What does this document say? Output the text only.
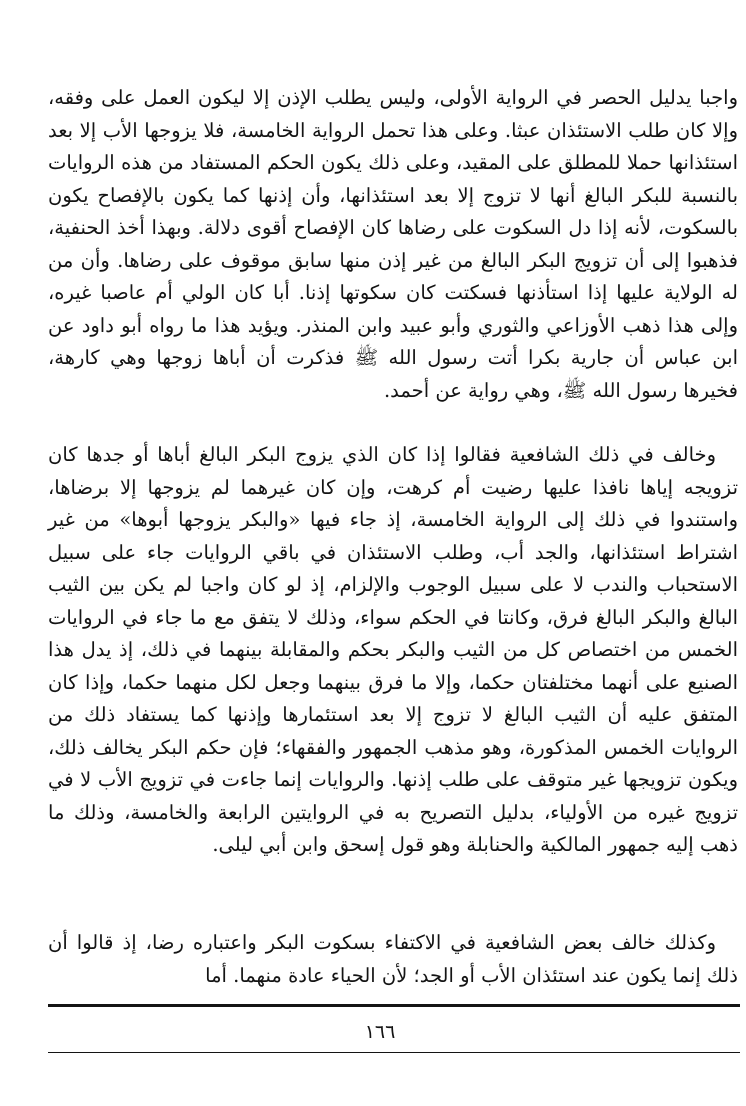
واجبا يدليل الحصر في الرواية الأولى، وليس يطلب الإذن إلا ليكون العمل على وفقه، وإلا كان طلب الاستئذان عبثا. وعلى هذا تحمل الرواية الخامسة، فلا يزوجها الأب إلا بعد استئذانها حملا للمطلق على المقيد، وعلى ذلك يكون الحكم المستفاد من هذه الروايات بالنسبة للبكر البالغ أنها لا تزوج إلا بعد استئذانها، وأن إذنها كما يكون بالإفصاح يكون بالسكوت، لأنه إذا دل السكوت على رضاها كان الإفصاح أقوى دلالة. وبهذا أخذ الحنفية، فذهبوا إلى أن تزويج البكر البالغ من غير إذن منها سابق موقوف على رضاها. وأن من له الولاية عليها إذا استأذنها فسكتت كان سكوتها إذنا. أبا كان الولي أم عاصبا غيره، وإلى هذا ذهب الأوزاعي والثوري وأبو عبيد وابن المنذر. ويؤيد هذا ما رواه أبو داود عن ابن عباس أن جارية بكرا أتت رسول الله ﷺ فذكرت أن أباها زوجها وهي كارهة، فخيرها رسول الله ﷺ، وهي رواية عن أحمد.

وخالف في ذلك الشافعية فقالوا إذا كان الذي يزوج البكر البالغ أباها أو جدها كان تزويجه إياها نافذا عليها رضيت أم كرهت، وإن كان غيرهما لم يزوجها إلا برضاها، واستندوا في ذلك إلى الرواية الخامسة، إذ جاء فيها «والبكر يزوجها أبوها» من غير اشتراط استئذانها، والجد أب، وطلب الاستئذان في باقي الروايات جاء على سبيل الاستحباب والندب لا على سبيل الوجوب والإلزام، إذ لو كان واجبا لم يكن بين الثيب البالغ والبكر البالغ فرق، وكانتا في الحكم سواء، وذلك لا يتفق مع ما جاء في الروايات الخمس من اختصاص كل من الثيب والبكر بحكم والمقابلة بينهما في ذلك، إذ يدل هذا الصنيع على أنهما مختلفتان حكما، وإلا ما فرق بينهما وجعل لكل منهما حكما، وإذا كان المتفق عليه أن الثيب البالغ لا تزوج إلا بعد استئمارها وإذنها كما يستفاد ذلك من الروايات الخمس المذكورة، وهو مذهب الجمهور والفقهاء؛ فإن حكم البكر يخالف ذلك، ويكون تزويجها غير متوقف على طلب إذنها. والروايات إنما جاءت في تزويج الأب لا في تزويج غيره من الأولياء، بدليل التصريح به في الروايتين الرابعة والخامسة، وذلك ما ذهب إليه جمهور المالكية والحنابلة وهو قول إسحق وابن أبي ليلى.

وكذلك خالف بعض الشافعية في الاكتفاء بسكوت البكر واعتباره رضا، إذ قالوا أن ذلك إنما يكون عند استئذان الأب أو الجد؛ لأن الحياء عادة منهما. أما

١٦٦
